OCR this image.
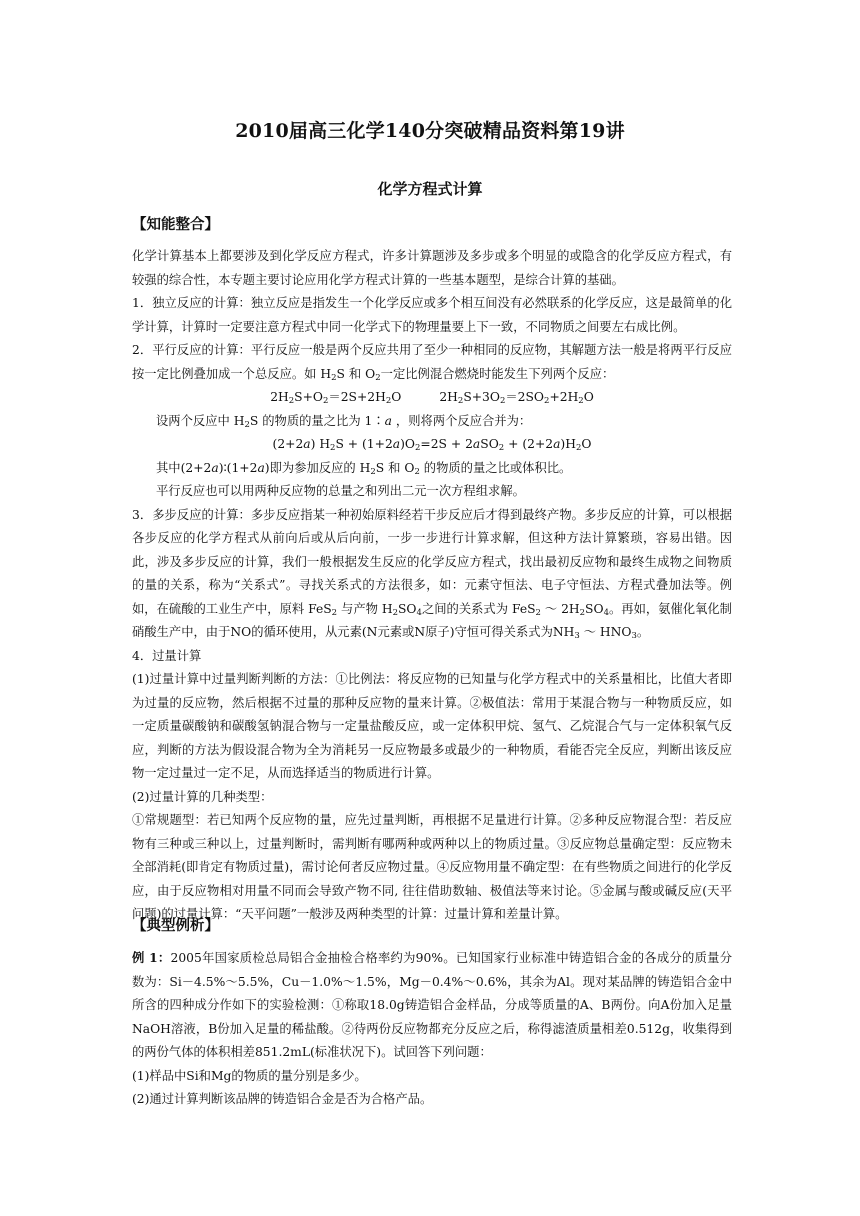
2010届高三化学140分突破精品资料第19讲
化学方程式计算
【知能整合】

化学计算基本上都要涉及到化学反应方程式，许多计算题涉及多步或多个明显的或隐含的化学反应方程式，有较强的综合性，本专题主要讨论应用化学方程式计算的一些基本题型，是综合计算的基础。

1．独立反应的计算：独立反应是指发生一个化学反应或多个相互间没有必然联系的化学反应，这是最简单的化学计算，计算时一定要注意方程式中同一化学式下的物理量要上下一致，不同物质之间要左右成比例。

2．平行反应的计算：平行反应一般是两个反应共用了至少一种相同的反应物，其解题方法一般是将两平行反应按一定比例叠加成一个总反应。如 $H_2S$ 和 $O_2$一定比例混合燃烧时能发生下列两个反应：

$2H_2S+O_2=2S+2H_2O$	$2H_2S+3O_2=2SO_2+2H_2O$

设两个反应中 $H_2S$ 的物质的量之比为 1∶a ，则将两个反应合并为：

(2+2a) $H_2S + (1+2a)O_2=2S + 2aSO_2 + (2+2a)H_2O$

其中(2+2a)∶(1+2a)即为参加反应的 $H_2S$ 和 $O_2$ 的物质的量之比或体积比。

平行反应也可以用两种反应物的总量之和列出二元一次方程组求解。

3．多步反应的计算：多步反应指某一种初始原料经若干步反应后才得到最终产物。多步反应的计算，可以根据各步反应的化学方程式从前向后或从后向前，一步一步进行计算求解，但这种方法计算繁琐，容易出错。因此，涉及多步反应的计算，我们一般根据发生反应的化学反应方程式，找出最初反应物和最终生成物之间物质的量的关系，称为“关系式”。寻找关系式的方法很多，如：元素守恒法、电子守恒法、方程式叠加法等。例如，在硫酸的工业生产中，原料 FeS$_2$ 与产物 $H_2SO_4$之间的关系式为 FeS$_2$ ～ $2H_2SO_4$。再如，氨催化氧化制硝酸生产中，由于NO的循环使用，从元素(N元素或N原子)守恒可得关系式为$NH_3$ ～ $HNO_3$。

4．过量计算

(1)过量计算中过量判断判断的方法：①比例法：将反应物的已知量与化学方程式中的关系量相比，比值大者即为过量的反应物，然后根据不过量的那种反应物的量来计算。②极值法：常用于某混合物与一种物质反应，如一定质量碳酸钠和碳酸氢钠混合物与一定量盐酸反应，或一定体积甲烷、氢气、乙烷混合气与一定体积氧气反应，判断的方法为假设混合物为全为消耗另一反应物最多或最少的一种物质，看能否完全反应，判断出该反应物一定过量过一定不足，从而选择适当的物质进行计算。

(2)过量计算的几种类型：

①常规题型：若已知两个反应物的量，应先过量判断，再根据不足量进行计算。②多种反应物混合型：若反应物有三种或三种以上，过量判断时，需判断有哪两种或两种以上的物质过量。③反应物总量确定型：反应物未全部消耗(即肯定有物质过量)，需讨论何者反应物过量。④反应物用量不确定型：在有些物质之间进行的化学反应，由于反应物相对用量不同而会导致产物不同, 往往借助数轴、极值法等来讨论。⑤金属与酸或碱反应(天平问题)的过量计算：“天平问题”一般涉及两种类型的计算：过量计算和差量计算。

【典型例析】

例 1：2005年国家质检总局铝合金抽检合格率约为90%。已知国家行业标准中铸造铝合金的各成分的质量分数为：Si－4.5%～5.5%，Cu－1.0%～1.5%，Mg－0.4%～0.6%，其余为Al。现对某品牌的铸造铝合金中所含的四种成分作如下的实验检测：①称取18.0g铸造铝合金样品，分成等质量的A、B两份。向A份加入足量NaOH溶液，B份加入足量的稀盐酸。②待两份反应物都充分反应之后，称得滤渣质量相差0.512g，收集得到的两份气体的体积相差851.2mL(标准状况下)。试回答下列问题：

(1)样品中Si和Mg的物质的量分别是多少。

(2)通过计算判断该品牌的铸造铝合金是否为合格产品。
